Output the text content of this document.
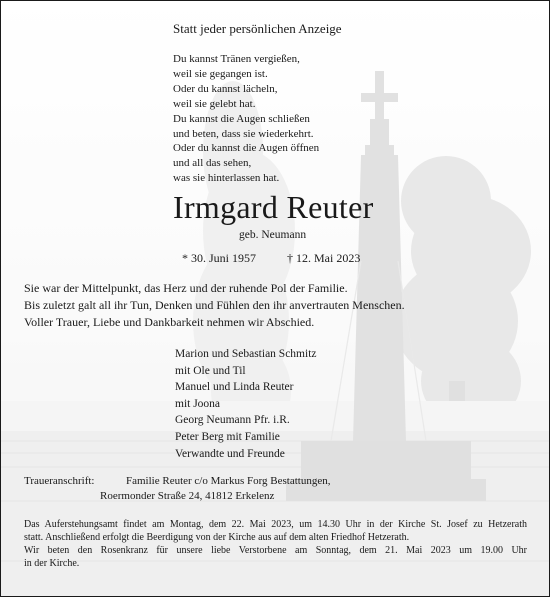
Statt jeder persönlichen Anzeige
Du kannst Tränen vergießen,
weil sie gegangen ist.
Oder du kannst lächeln,
weil sie gelebt hat.
Du kannst die Augen schließen
und beten, dass sie wiederkehrt.
Oder du kannst die Augen öffnen
und all das sehen,
was sie hinterlassen hat.
Irmgard Reuter
geb. Neumann
* 30. Juni 1957	† 12. Mai 2023
Sie war der Mittelpunkt, das Herz und der ruhende Pol der Familie.
Bis zuletzt galt all ihr Tun, Denken und Fühlen den ihr anvertrauten Menschen.
Voller Trauer, Liebe und Dankbarkeit nehmen wir Abschied.
Marion und Sebastian Schmitz
mit Ole und Til
Manuel und Linda Reuter
mit Joona
Georg Neumann Pfr. i.R.
Peter Berg mit Familie
Verwandte und Freunde
Traueranschrift:	Familie Reuter c/o Markus Forg Bestattungen,
Roermonder Straße 24, 41812 Erkelenz
Das Auferstehungsamt findet am Montag, dem 22. Mai 2023, um 14.30 Uhr in der Kirche St. Josef zu Hetzerath
statt. Anschließend erfolgt die Beerdigung von der Kirche aus auf dem alten Friedhof Hetzerath.
Wir beten den Rosenkranz für unsere liebe Verstorbene am Sonntag, dem 21. Mai 2023 um 19.00 Uhr
in der Kirche.
